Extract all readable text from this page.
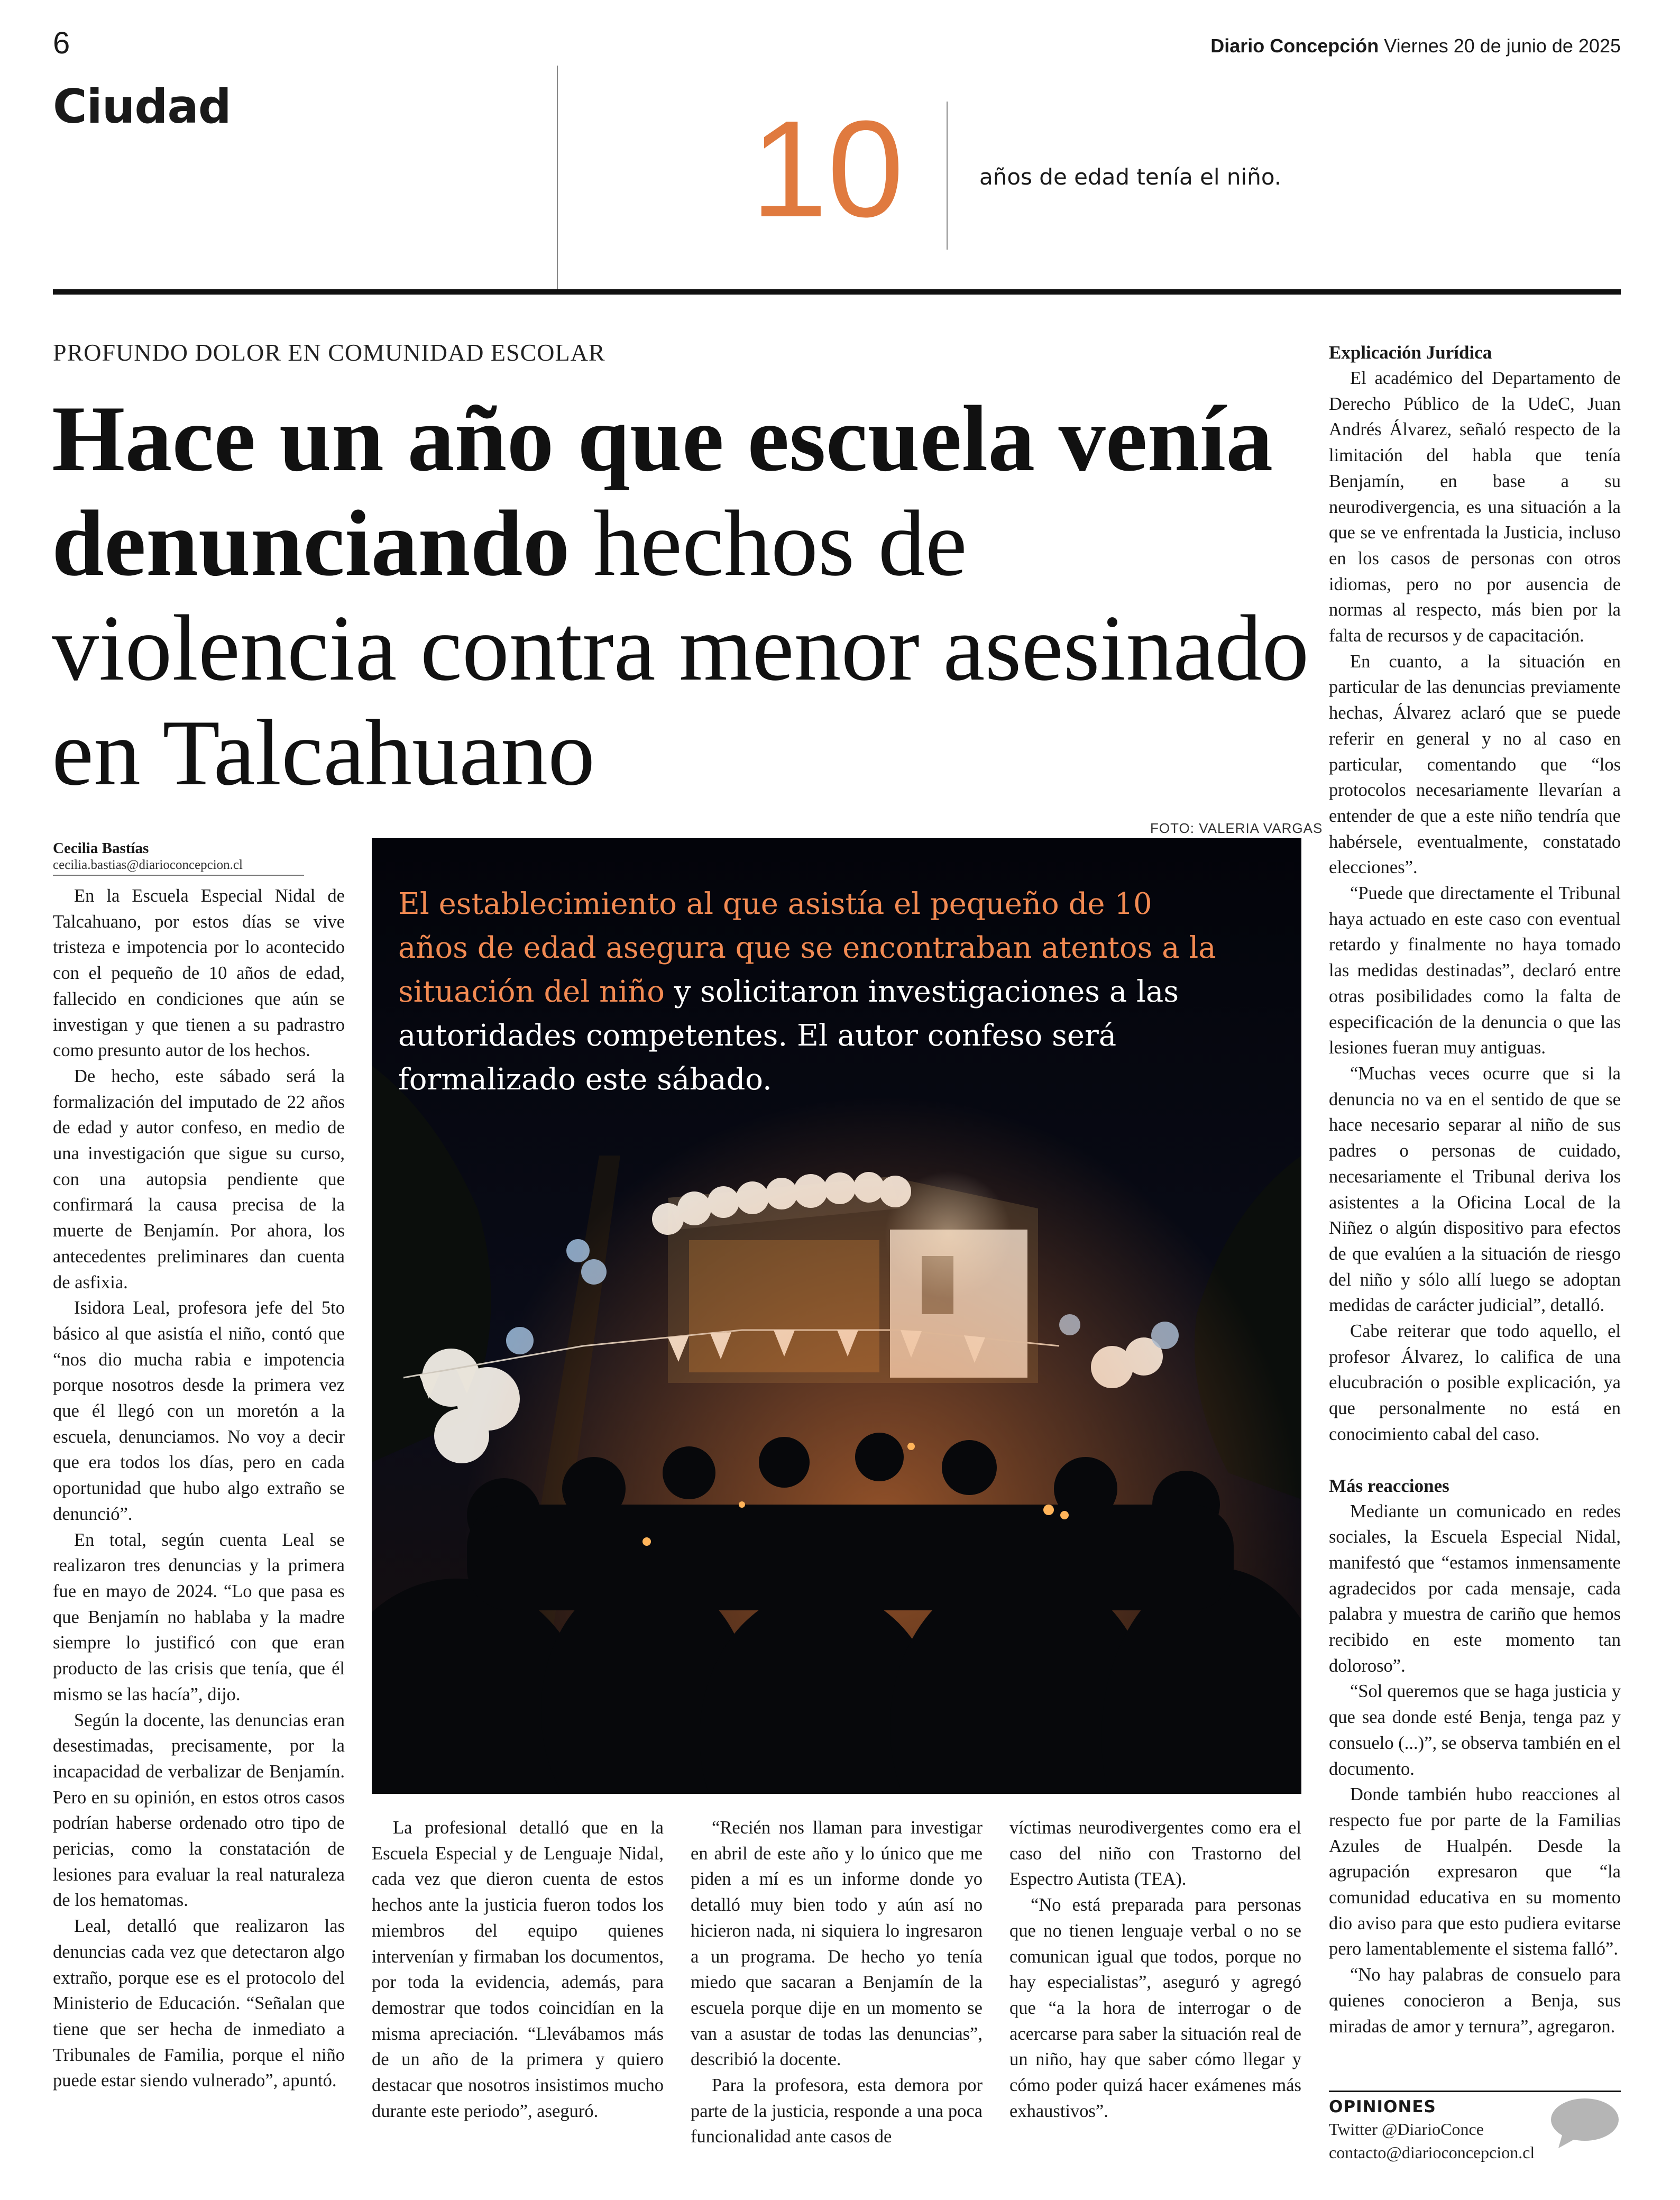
6	Diario Concepción Viernes 20 de junio de 2025
Ciudad	10	años de edad tenía el niño.
PROFUNDO DOLOR EN COMUNIDAD ESCOLAR
Hace un año que escuela venía denunciando hechos de violencia contra menor asesinado en Talcahuano
Cecilia Bastías
cecilia.bastias@diarioconcepcion.cl

En la Escuela Especial Nidal de Talcahuano, por estos días se vive tristeza e impotencia por lo acontecido con el pequeño de 10 años de edad, fallecido en condiciones que aún se investigan y que tienen a su padrastro como presunto autor de los hechos.

De hecho, este sábado será la formalización del imputado de 22 años de edad y autor confeso, en medio de una investigación que sigue su curso, con una autopsia pendiente que confirmará la causa precisa de la muerte de Benjamín. Por ahora, los antecedentes preliminares dan cuenta de asfixia.

Isidora Leal, profesora jefe del 5to básico al que asistía el niño, contó que “nos dio mucha rabia e impotencia porque nosotros desde la primera vez que él llegó con un moretón a la escuela, denunciamos. No voy a decir que era todos los días, pero en cada oportunidad que hubo algo extraño se denunció”.

En total, según cuenta Leal se realizaron tres denuncias y la primera fue en mayo de 2024. “Lo que pasa es que Benjamín no hablaba y la madre siempre lo justificó con que eran producto de las crisis que tenía, que él mismo se las hacía”, dijo.

Según la docente, las denuncias eran desestimadas, precisamente, por la incapacidad de verbalizar de Benjamín. Pero en su opinión, en estos otros casos podrían haberse ordenado otro tipo de pericias, como la constatación de lesiones para evaluar la real naturaleza de los hematomas.

Leal, detalló que realizaron las denuncias cada vez que detectaron algo extraño, porque ese es el protocolo del Ministerio de Educación. “Señalan que tiene que ser hecha de inmediato a Tribunales de Familia, porque el niño puede estar siendo vulnerado”, apuntó.

FOTO: VALERIA VARGAS
El establecimiento al que asistía el pequeño de 10 años de edad asegura que se encontraban atentos a la situación del niño y solicitaron investigaciones a las autoridades competentes. El autor confeso será formalizado este sábado.

La profesional detalló que en la Escuela Especial y de Lenguaje Nidal, cada vez que dieron cuenta de estos hechos ante la justicia fueron todos los miembros del equipo quienes intervenían y firmaban los documentos, por toda la evidencia, además, para demostrar que todos coincidían en la misma apreciación. “Llevábamos más de un año de la primera y quiero destacar que nosotros insistimos mucho durante este periodo”, aseguró.

“Recién nos llaman para investigar en abril de este año y lo único que me piden a mí es un informe donde yo detalló muy bien todo y aún así no hicieron nada, ni siquiera lo ingresaron a un programa. De hecho yo tenía miedo que sacaran a Benjamín de la escuela porque dije en un momento se van a asustar de todas las denuncias”, describió la docente.

Para la profesora, esta demora por parte de la justicia, responde a una poca funcionalidad ante casos de

víctimas neurodivergentes como era el caso del niño con Trastorno del Espectro Autista (TEA).

“No está preparada para personas que no tienen lenguaje verbal o no se comunican igual que todos, porque no hay especialistas”, aseguró y agregó que “a la hora de interrogar o de acercarse para saber la situación real de un niño, hay que saber cómo llegar y cómo poder quizá hacer exámenes más exhaustivos”.

Explicación Jurídica

El académico del Departamento de Derecho Público de la UdeC, Juan Andrés Álvarez, señaló respecto de la limitación del habla que tenía Benjamín, en base a su neurodivergencia, es una situación a la que se ve enfrentada la Justicia, incluso en los casos de personas con otros idiomas, pero no por ausencia de normas al respecto, más bien por la falta de recursos y de capacitación.

En cuanto, a la situación en particular de las denuncias previamente hechas, Álvarez aclaró que se puede referir en general y no al caso en particular, comentando que “los protocolos necesariamente llevarían a entender de que a este niño tendría que habérsele, eventualmente, constatado elecciones”.

“Puede que directamente el Tribunal haya actuado en este caso con eventual retardo y finalmente no haya tomado las medidas destinadas”, declaró entre otras posibilidades como la falta de especificación de la denuncia o que las lesiones fueran muy antiguas.

“Muchas veces ocurre que si la denuncia no va en el sentido de que se hace necesario separar al niño de sus padres o personas de cuidado, necesariamente el Tribunal deriva los asistentes a la Oficina Local de la Niñez o algún dispositivo para efectos de que evalúen a la situación de riesgo del niño y sólo allí luego se adoptan medidas de carácter judicial”, detalló.

Cabe reiterar que todo aquello, el profesor Álvarez, lo califica de una elucubración o posible explicación, ya que personalmente no está en conocimiento cabal del caso.

Más reacciones

Mediante un comunicado en redes sociales, la Escuela Especial Nidal, manifestó que “estamos inmensamente agradecidos por cada mensaje, cada palabra y muestra de cariño que hemos recibido en este momento tan doloroso”.

“Sol queremos que se haga justicia y que sea donde esté Benja, tenga paz y consuelo (...)”, se observa también en el documento.

Donde también hubo reacciones al respecto fue por parte de la Familias Azules de Hualpén. Desde la agrupación expresaron que “la comunidad educativa en su momento dio aviso para que esto pudiera evitarse pero lamentablemente el sistema falló”.

“No hay palabras de consuelo para quienes conocieron a Benja, sus miradas de amor y ternura”, agregaron.

OPINIONES
Twitter @DiarioConce
contacto@diarioconcepcion.cl
